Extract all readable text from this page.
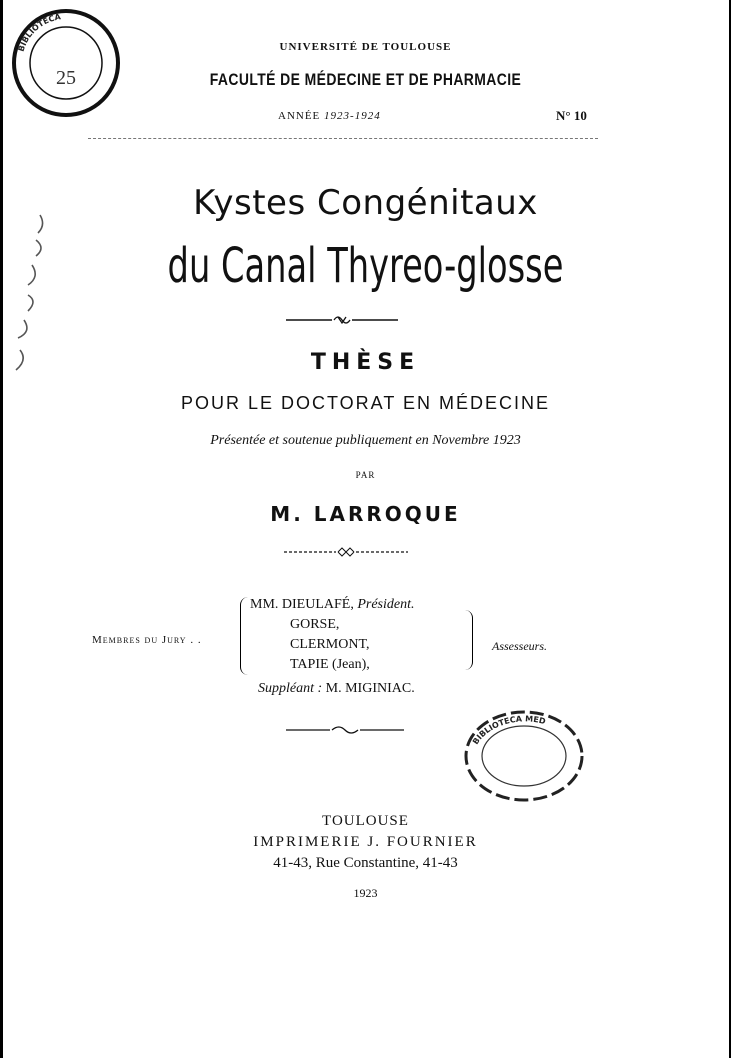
BIBLIOTECA
25
UNIVERSITÉ DE TOULOUSE
FACULTÉ DE MÉDECINE ET DE PHARMACIE
ANNÉE 1923-1924	N° 10
Kystes Congénitaux
du Canal Thyreo-glosse
THÈSE
POUR LE DOCTORAT EN MÉDECINE
Présentée et soutenue publiquement en Novembre 1923
PAR
M. LARROQUE
Membres du Jury . .
MM. DIEULAFÉ, Président.
GORSE,
CLERMONT,
TAPIE (Jean),
Assesseurs.
Suppléant : M. MIGINIAC.
BIBLIOTECA MED
TOULOUSE
IMPRIMERIE J. FOURNIER
41-43, Rue Constantine, 41-43
1923
